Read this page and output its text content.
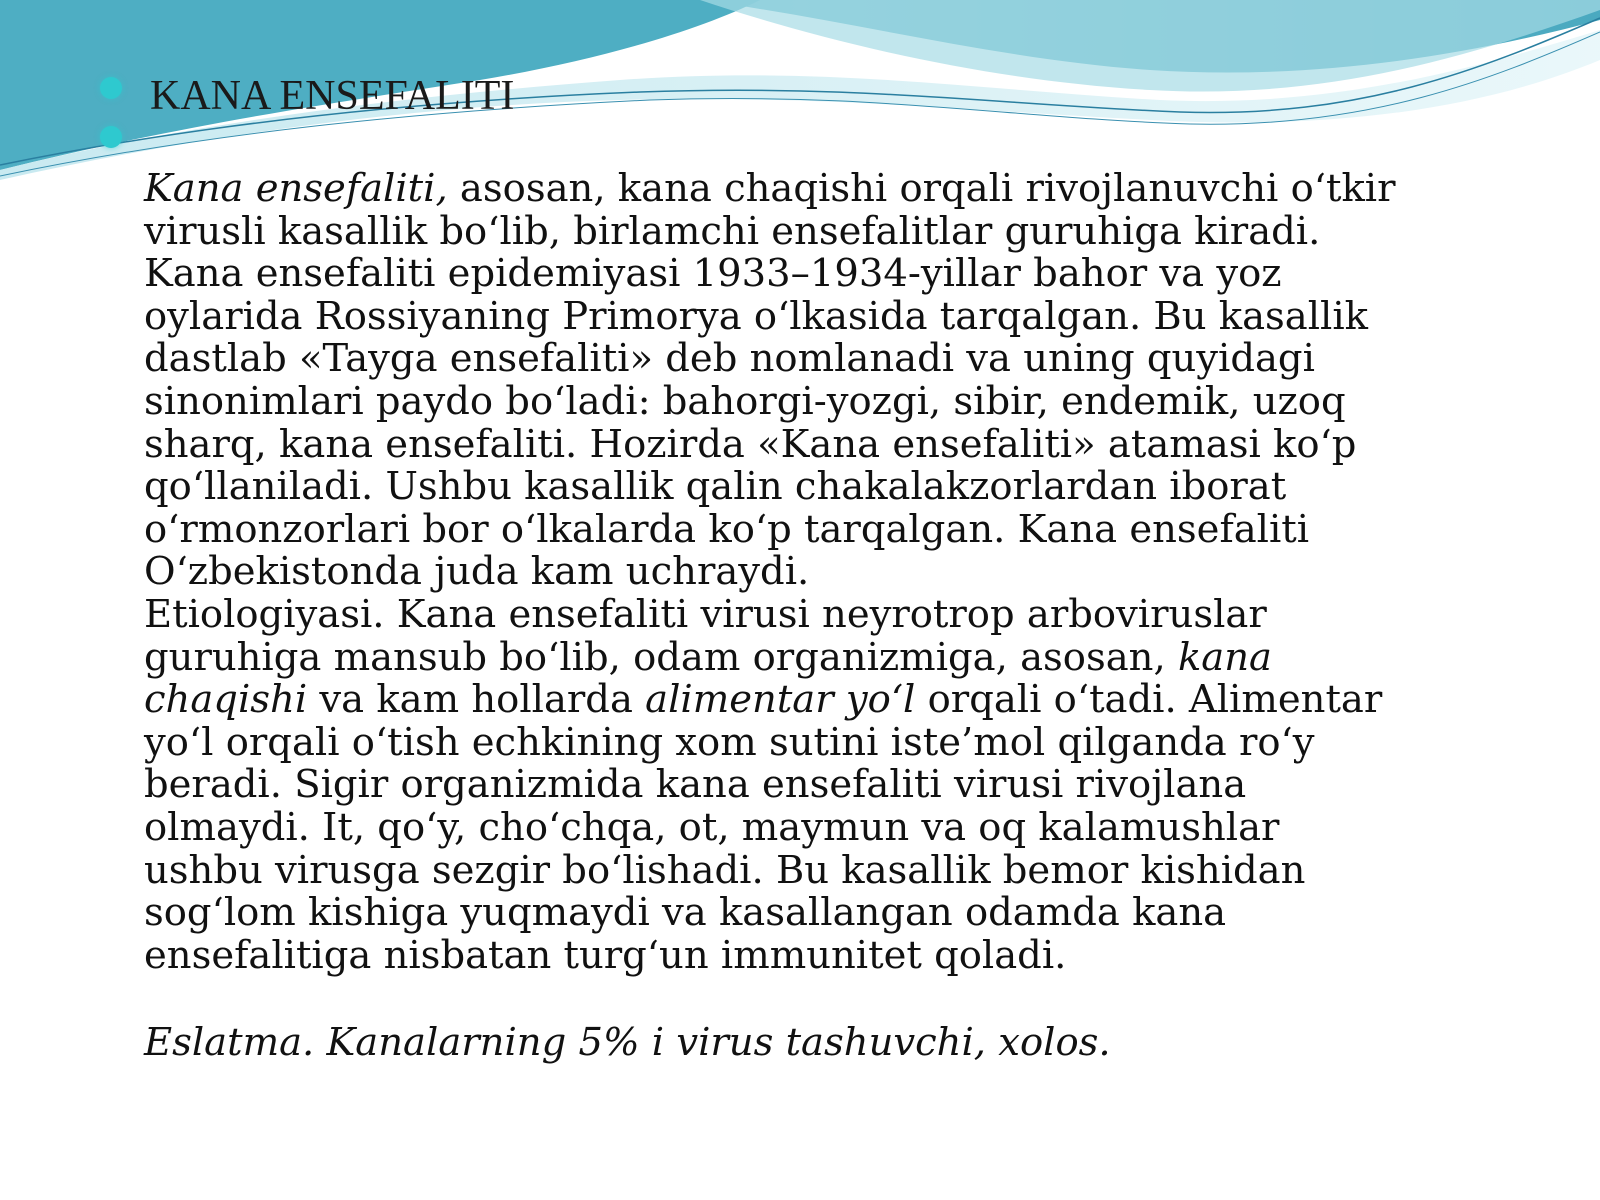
KANA ENSEFALITI
Kana ensefaliti, asosan, kana chaqishi orqali rivojlanuvchi o‘tkir
virusli kasallik bo‘lib, birlamchi ensefalitlar guruhiga kiradi.
Kana ensefaliti epidemiyasi 1933–1934-yillar bahor va yoz
oylarida Rossiyaning Primorya o‘lkasida tarqalgan. Bu kasallik
dastlab «Tayga ensefaliti» deb nomlanadi va uning quyidagi
sinonimlari paydo bo‘ladi: bahorgi-yozgi, sibir, endemik, uzoq
sharq, kana ensefaliti. Hozirda «Kana ensefaliti» atamasi ko‘p
qo‘llaniladi. Ushbu kasallik qalin chakalakzorlardan iborat
o‘rmonzorlari bor o‘lkalarda ko‘p tarqalgan. Kana ensefaliti
O‘zbekistonda juda kam uchraydi.
Etiologiyasi. Kana ensefaliti virusi neyrotrop arboviruslar
guruhiga mansub bo‘lib, odam organizmiga, asosan, kana
chaqishi va kam hollarda alimentar yo‘l orqali o‘tadi. Alimentar
yo‘l orqali o‘tish echkining xom sutini iste’mol qilganda ro‘y
beradi. Sigir organizmida kana ensefaliti virusi rivojlana
olmaydi. It, qo‘y, cho‘chqa, ot, maymun va oq kalamushlar
ushbu virusga sezgir bo‘lishadi. Bu kasallik bemor kishidan
sog‘lom kishiga yuqmaydi va kasallangan odamda kana
ensefalitiga nisbatan turg‘un immunitet qoladi.
Eslatma. Kanalarning 5% i virus tashuvchi, xolos.
